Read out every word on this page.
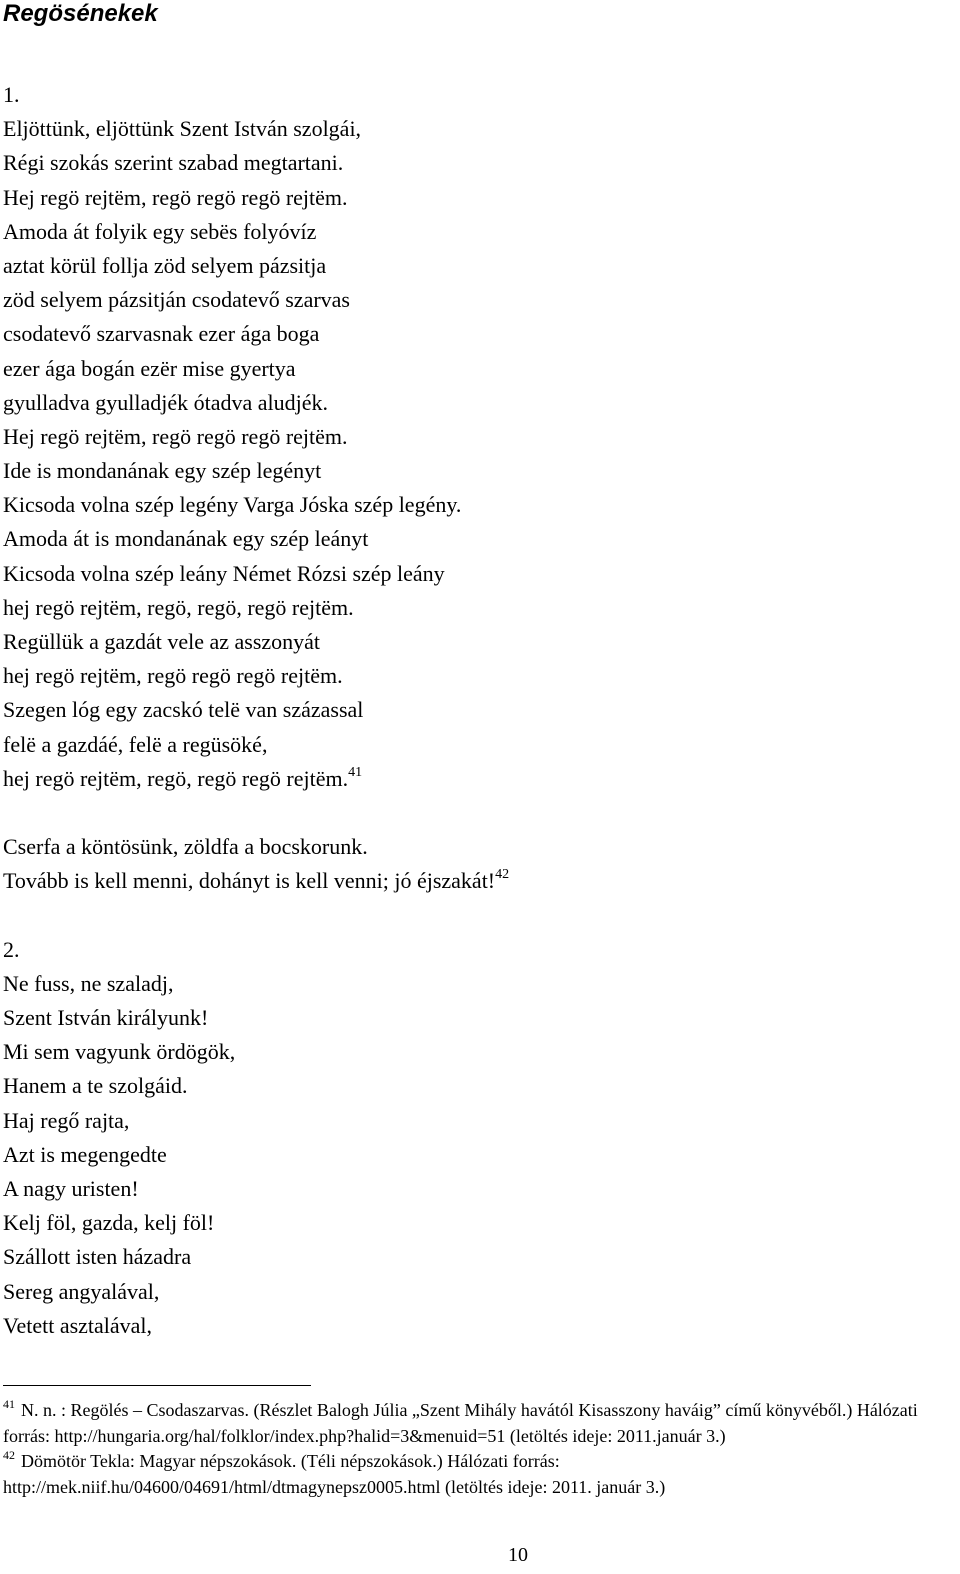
Regösénekek
1.
Eljöttünk, eljöttünk Szent István szolgái,
Régi szokás szerint szabad megtartani.
Hej regö rejtëm, regö regö regö rejtëm.
Amoda át folyik egy sebës folyóvíz
aztat körül follja zöd selyem pázsitja
zöd selyem pázsitján csodatevő szarvas
csodatevő szarvasnak ezer ága boga
ezer ága bogán ezër mise gyertya
gyulladva gyulladjék ótadva aludjék.
Hej regö rejtëm, regö regö regö rejtëm.
Ide is mondanának egy szép legényt
Kicsoda volna szép legény Varga Jóska szép legény.
Amoda át is mondanának egy szép leányt
Kicsoda volna szép leány Német Rózsi szép leány
hej regö rejtëm, regö, regö, regö rejtëm.
Regüllük a gazdát vele az asszonyát
hej regö rejtëm, regö regö regö rejtëm.
Szegen lóg egy zacskó telë van százassal
felë a gazdáé, felë a regüsöké,
hej regö rejtëm, regö, regö regö rejtëm.$^{41}$
Cserfa a köntösünk, zöldfa a bocskorunk.
Tovább is kell menni, dohányt is kell venni; jó éjszakát!$^{42}$
2.
Ne fuss, ne szaladj,
Szent István királyunk!
Mi sem vagyunk ördögök,
Hanem a te szolgáid.
Haj regő rajta,
Azt is megengedte
A nagy uristen!
Kelj föl, gazda, kelj föl!
Szállott isten házadra
Sereg angyalával,
Vetett asztalával,

$^{41}$ N. n. : Regölés – Csodaszarvas. (Részlet Balogh Júlia „Szent Mihály havától Kisasszony haváig” című könyvéből.) Hálózati forrás: http://hungaria.org/hal/folklor/index.php?halid=3&menuid=51 (letöltés ideje: 2011.január 3.)

$^{42}$ Dömötör Tekla: Magyar népszokások. (Téli népszokások.) Hálózati forrás: http://mek.niif.hu/04600/04691/html/dtmagynepsz0005.html (letöltés ideje: 2011. január 3.)

10
